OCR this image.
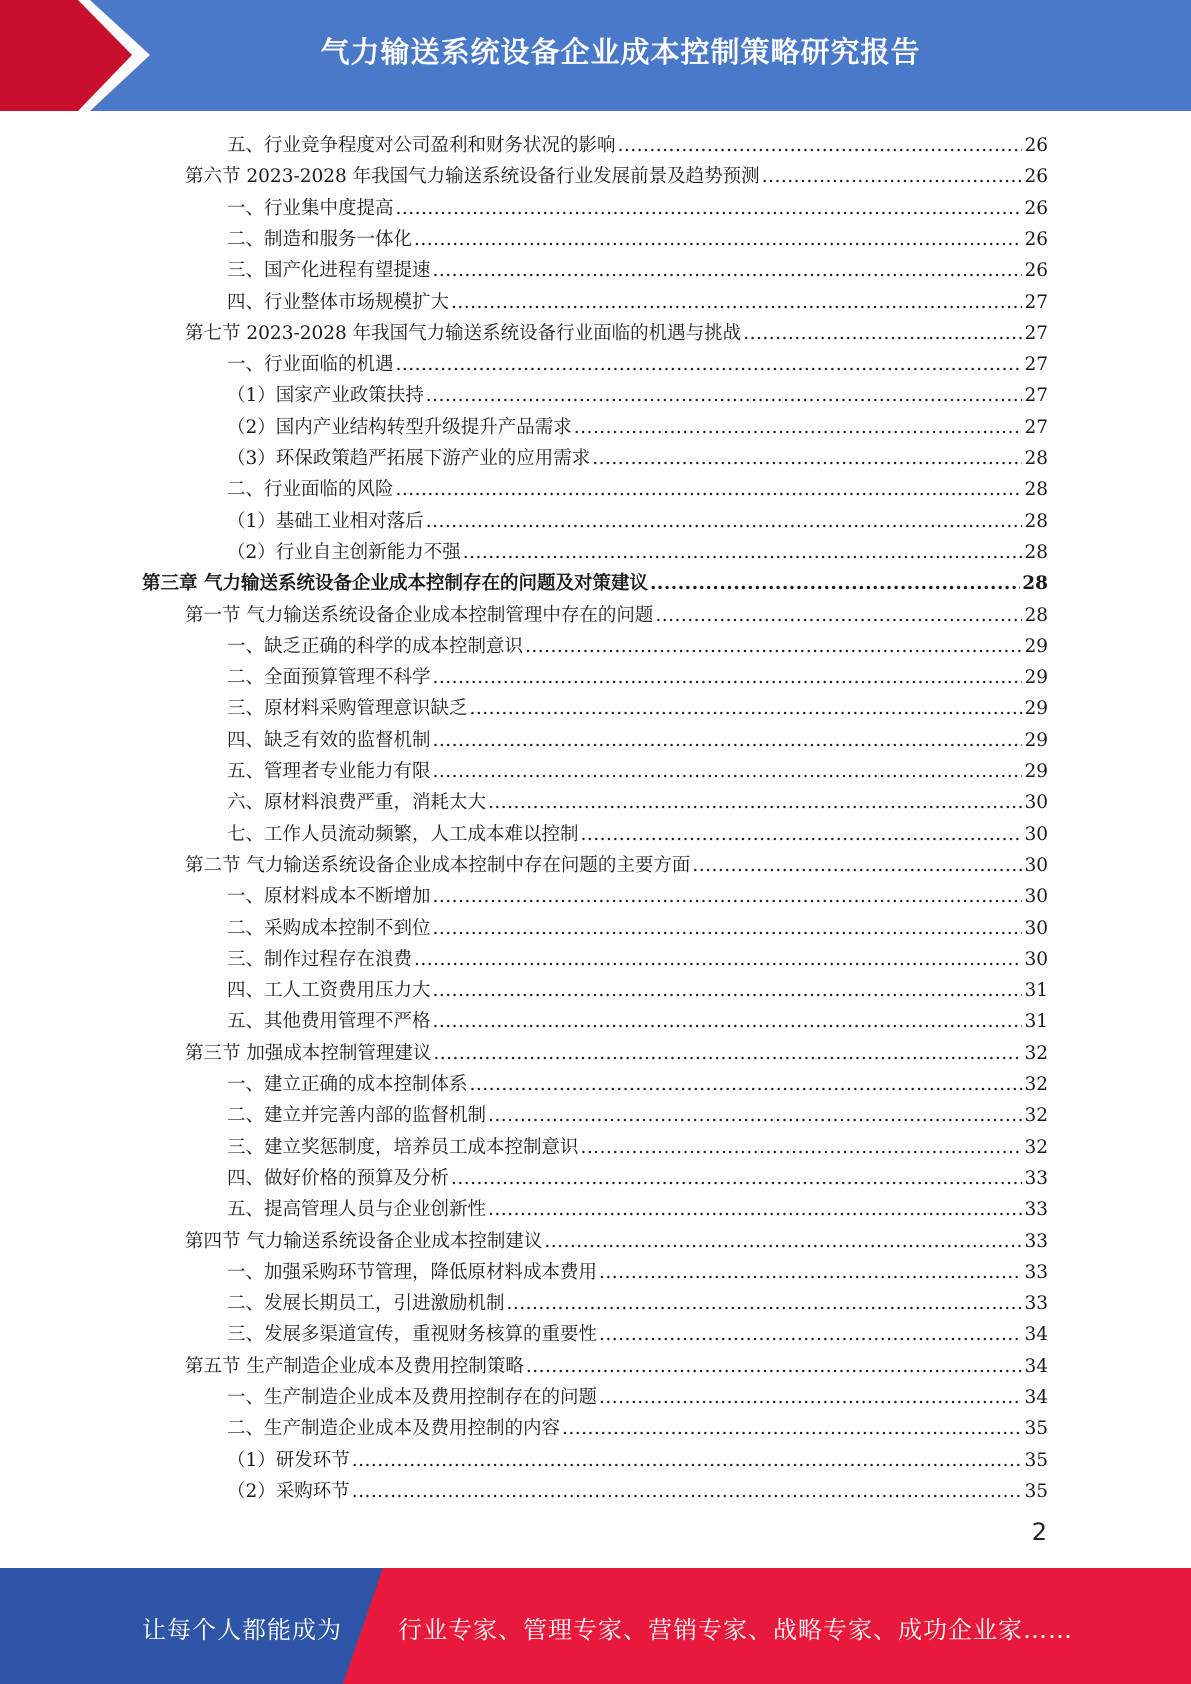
气力输送系统设备企业成本控制策略研究报告
五、行业竞争程度对公司盈利和财务状况的影响 .....	26
第六节 2023-2028 年我国气力输送系统设备行业发展前景及趋势预测 .....	26
一、行业集中度提高 .....	26
二、制造和服务一体化 .....	26
三、国产化进程有望提速 .....	26
四、行业整体市场规模扩大 .....	27
第七节 2023-2028 年我国气力输送系统设备行业面临的机遇与挑战 .....	27
一、行业面临的机遇 .....	27
（1）国家产业政策扶持 .....	27
（2）国内产业结构转型升级提升产品需求 .....	27
（3）环保政策趋严拓展下游产业的应用需求 .....	28
二、行业面临的风险 .....	28
（1）基础工业相对落后 .....	28
（2）行业自主创新能力不强 .....	28
第三章 气力输送系统设备企业成本控制存在的问题及对策建议 .....	28
第一节 气力输送系统设备企业成本控制管理中存在的问题 .....	28
一、缺乏正确的科学的成本控制意识 .....	29
二、全面预算管理不科学 .....	29
三、原材料采购管理意识缺乏 .....	29
四、缺乏有效的监督机制 .....	29
五、管理者专业能力有限 .....	29
六、原材料浪费严重，消耗太大 .....	30
七、工作人员流动频繁，人工成本难以控制 .....	30
第二节 气力输送系统设备企业成本控制中存在问题的主要方面 .....	30
一、原材料成本不断增加 .....	30
二、采购成本控制不到位 .....	30
三、制作过程存在浪费 .....	30
四、工人工资费用压力大 .....	31
五、其他费用管理不严格 .....	31
第三节 加强成本控制管理建议 .....	32
一、建立正确的成本控制体系 .....	32
二、建立并完善内部的监督机制 .....	32
三、建立奖惩制度，培养员工成本控制意识 .....	32
四、做好价格的预算及分析 .....	33
五、提高管理人员与企业创新性 .....	33
第四节 气力输送系统设备企业成本控制建议 .....	33
一、加强采购环节管理，降低原材料成本费用 .....	33
二、发展长期员工，引进激励机制 .....	33
三、发展多渠道宣传，重视财务核算的重要性 .....	34
第五节 生产制造企业成本及费用控制策略 .....	34
一、生产制造企业成本及费用控制存在的问题 .....	34
二、生产制造企业成本及费用控制的内容 .....	35
（1）研发环节 .....	35
（2）采购环节 .....	35
2
让每个人都能成为 行业专家、管理专家、营销专家、战略专家、成功企业家……
